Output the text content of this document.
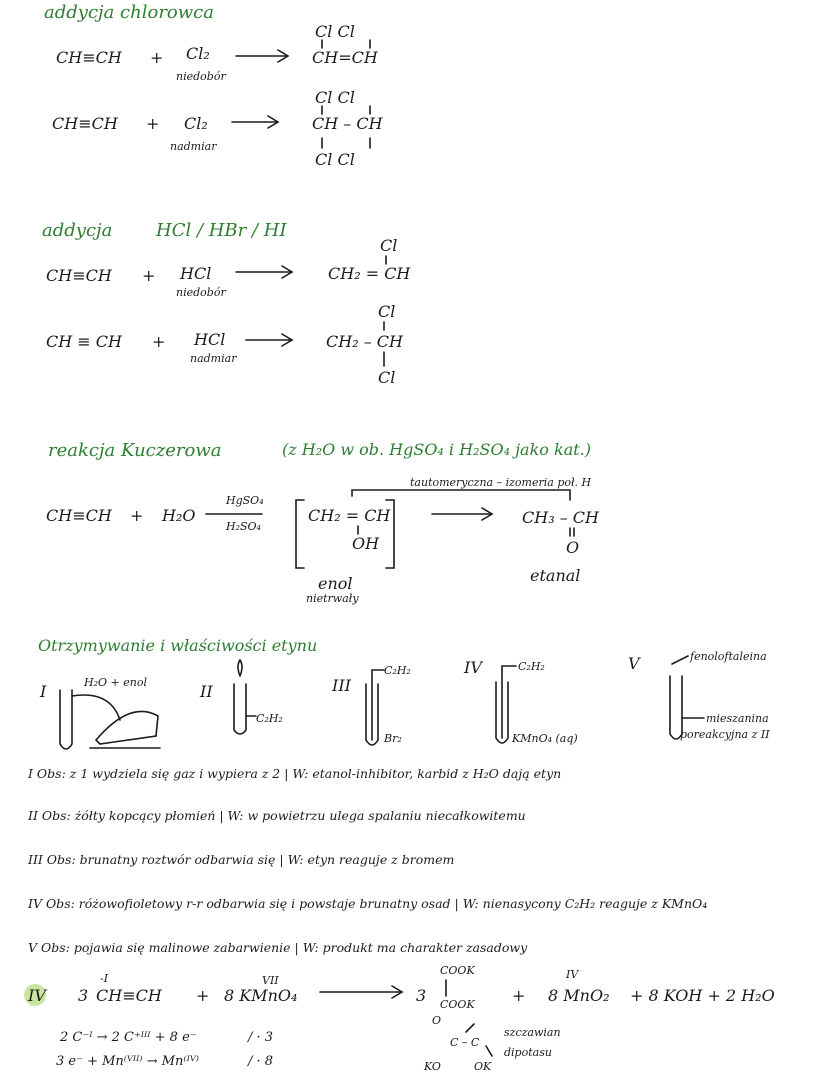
addycja chlorowca
CH≡CH + Cl₂
niedobór
Cl Cl
CH=CH
CH≡CH + Cl₂
nadmiar
Cl Cl
CH – CH
Cl Cl
addycja HCl / HBr / HI
CH≡CH + HCl
niedobór
Cl
CH₂ = CH
CH ≡ CH + HCl
nadmiar
Cl
CH₂ – CH
Cl
reakcja Kuczerowa	(z H₂O w ob. HgSO₄ i H₂SO₄ jako kat.)
tautomeryczna – izomeria poł. H
CH≡CH + H₂O
HgSO₄
H₂SO₄
CH₂ = CH
OH
enol
nietrwały
CH₃ – CH
O
etanal
Otrzymywanie i właściwości etynu
I	H₂O + enol	II
C₂H₂
III
C₂H₂
Br₂
IV	C₂H₂
KMnO₄ (aq)
V	fenoloftaleina
mieszanina
poreakcyjna z II
I Obs: z 1 wydziela się gaz i wypiera z 2 | W: etanol-inhibitor, karbid z H₂O dają etyn
II Obs: żółty kopcący płomień | W: w powietrzu ulega spalaniu niecałkowitemu
III Obs: brunatny roztwór odbarwia się | W: etyn reaguje z bromem
IV Obs: różowofioletowy r-r odbarwia się i powstaje brunatny osad | W: nienasycony C₂H₂ reaguje z KMnO₄
V Obs: pojawia się malinowe zabarwienie | W: produkt ma charakter zasadowy
IV 3
-I
CH≡CH + 8 KMnO₄
VII
3
COOK
COOK +
IV
8 MnO₂ + 8 KOH + 2 H₂O
2 C⁻ᴵ → 2 C⁺ᴵᴵᴵ + 8 e⁻	/ · 3
3 e⁻ + Mn⁽ⱽᴵᴵ⁾ → Mn⁽ᴵⱽ⁾	/ · 8
O
C – C
KO	OK
szczawian
dipotasu
